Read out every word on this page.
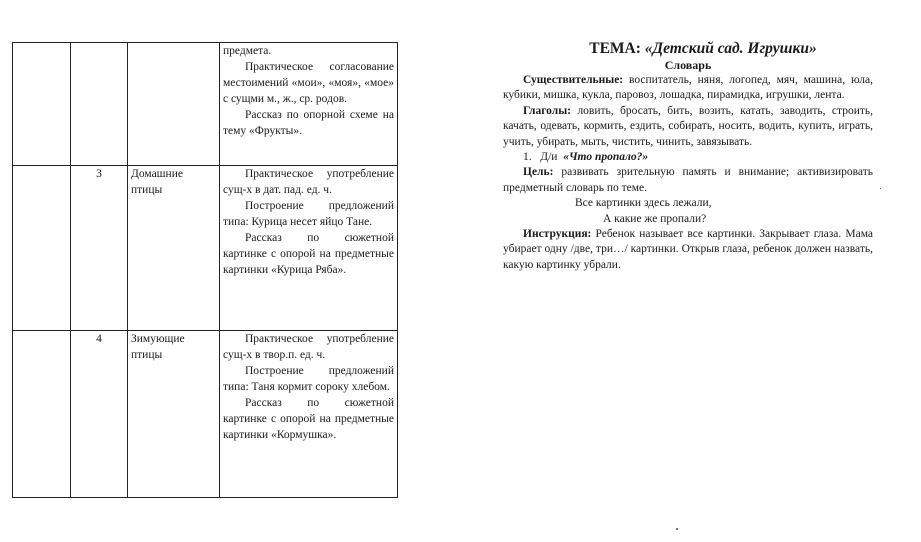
			предмета.

Практическое согласование местоимений «мои», «моя», «мое» с сущми м., ж., ср. родов.

Рассказ по опорной схеме на тему «Фрукты».

	3	Домашние птицы	Практическое употребление сущ-х в дат. пад. ед. ч.

Построение предложений типа: Курица несет яйцо Тане.

Рассказ по сюжетной картинке с опорой на предметные картинки «Курица Ряба».

	4	Зимующие птицы	Практическое употребление сущ-х в твор.п. ед. ч.

Построение предложений типа: Таня кормит сороку хлебом.

Рассказ по сюжетной картинке с опорой на предметные картинки «Кормушка».

ТЕМА: «Детский сад. Игрушки»

Словарь

Существительные: воспитатель, няня, логопед, мяч, машина, юла, кубики, мишка, кукла, паровоз, лошадка, пирамидка, игрушки, лента.

Глаголы: ловить, бросать, бить, возить, катать, заводить, строить, качать, одевать, кормить, ездить, собирать, носить, водить, купить, играть, учить, убирать, мыть, чистить, чинить, завязывать.

1. Д/и «Что пропало?»

Цель: развивать зрительную память и внимание; активизировать предметный словарь по теме.

Все картинки здесь лежали,

А какие же пропали?

Инструкция: Ребенок называет все картинки. Закрывает глаза. Мама убирает одну /две, три…/ картинки. Открыв глаза, ребенок должен назвать, какую картинку убрали.
